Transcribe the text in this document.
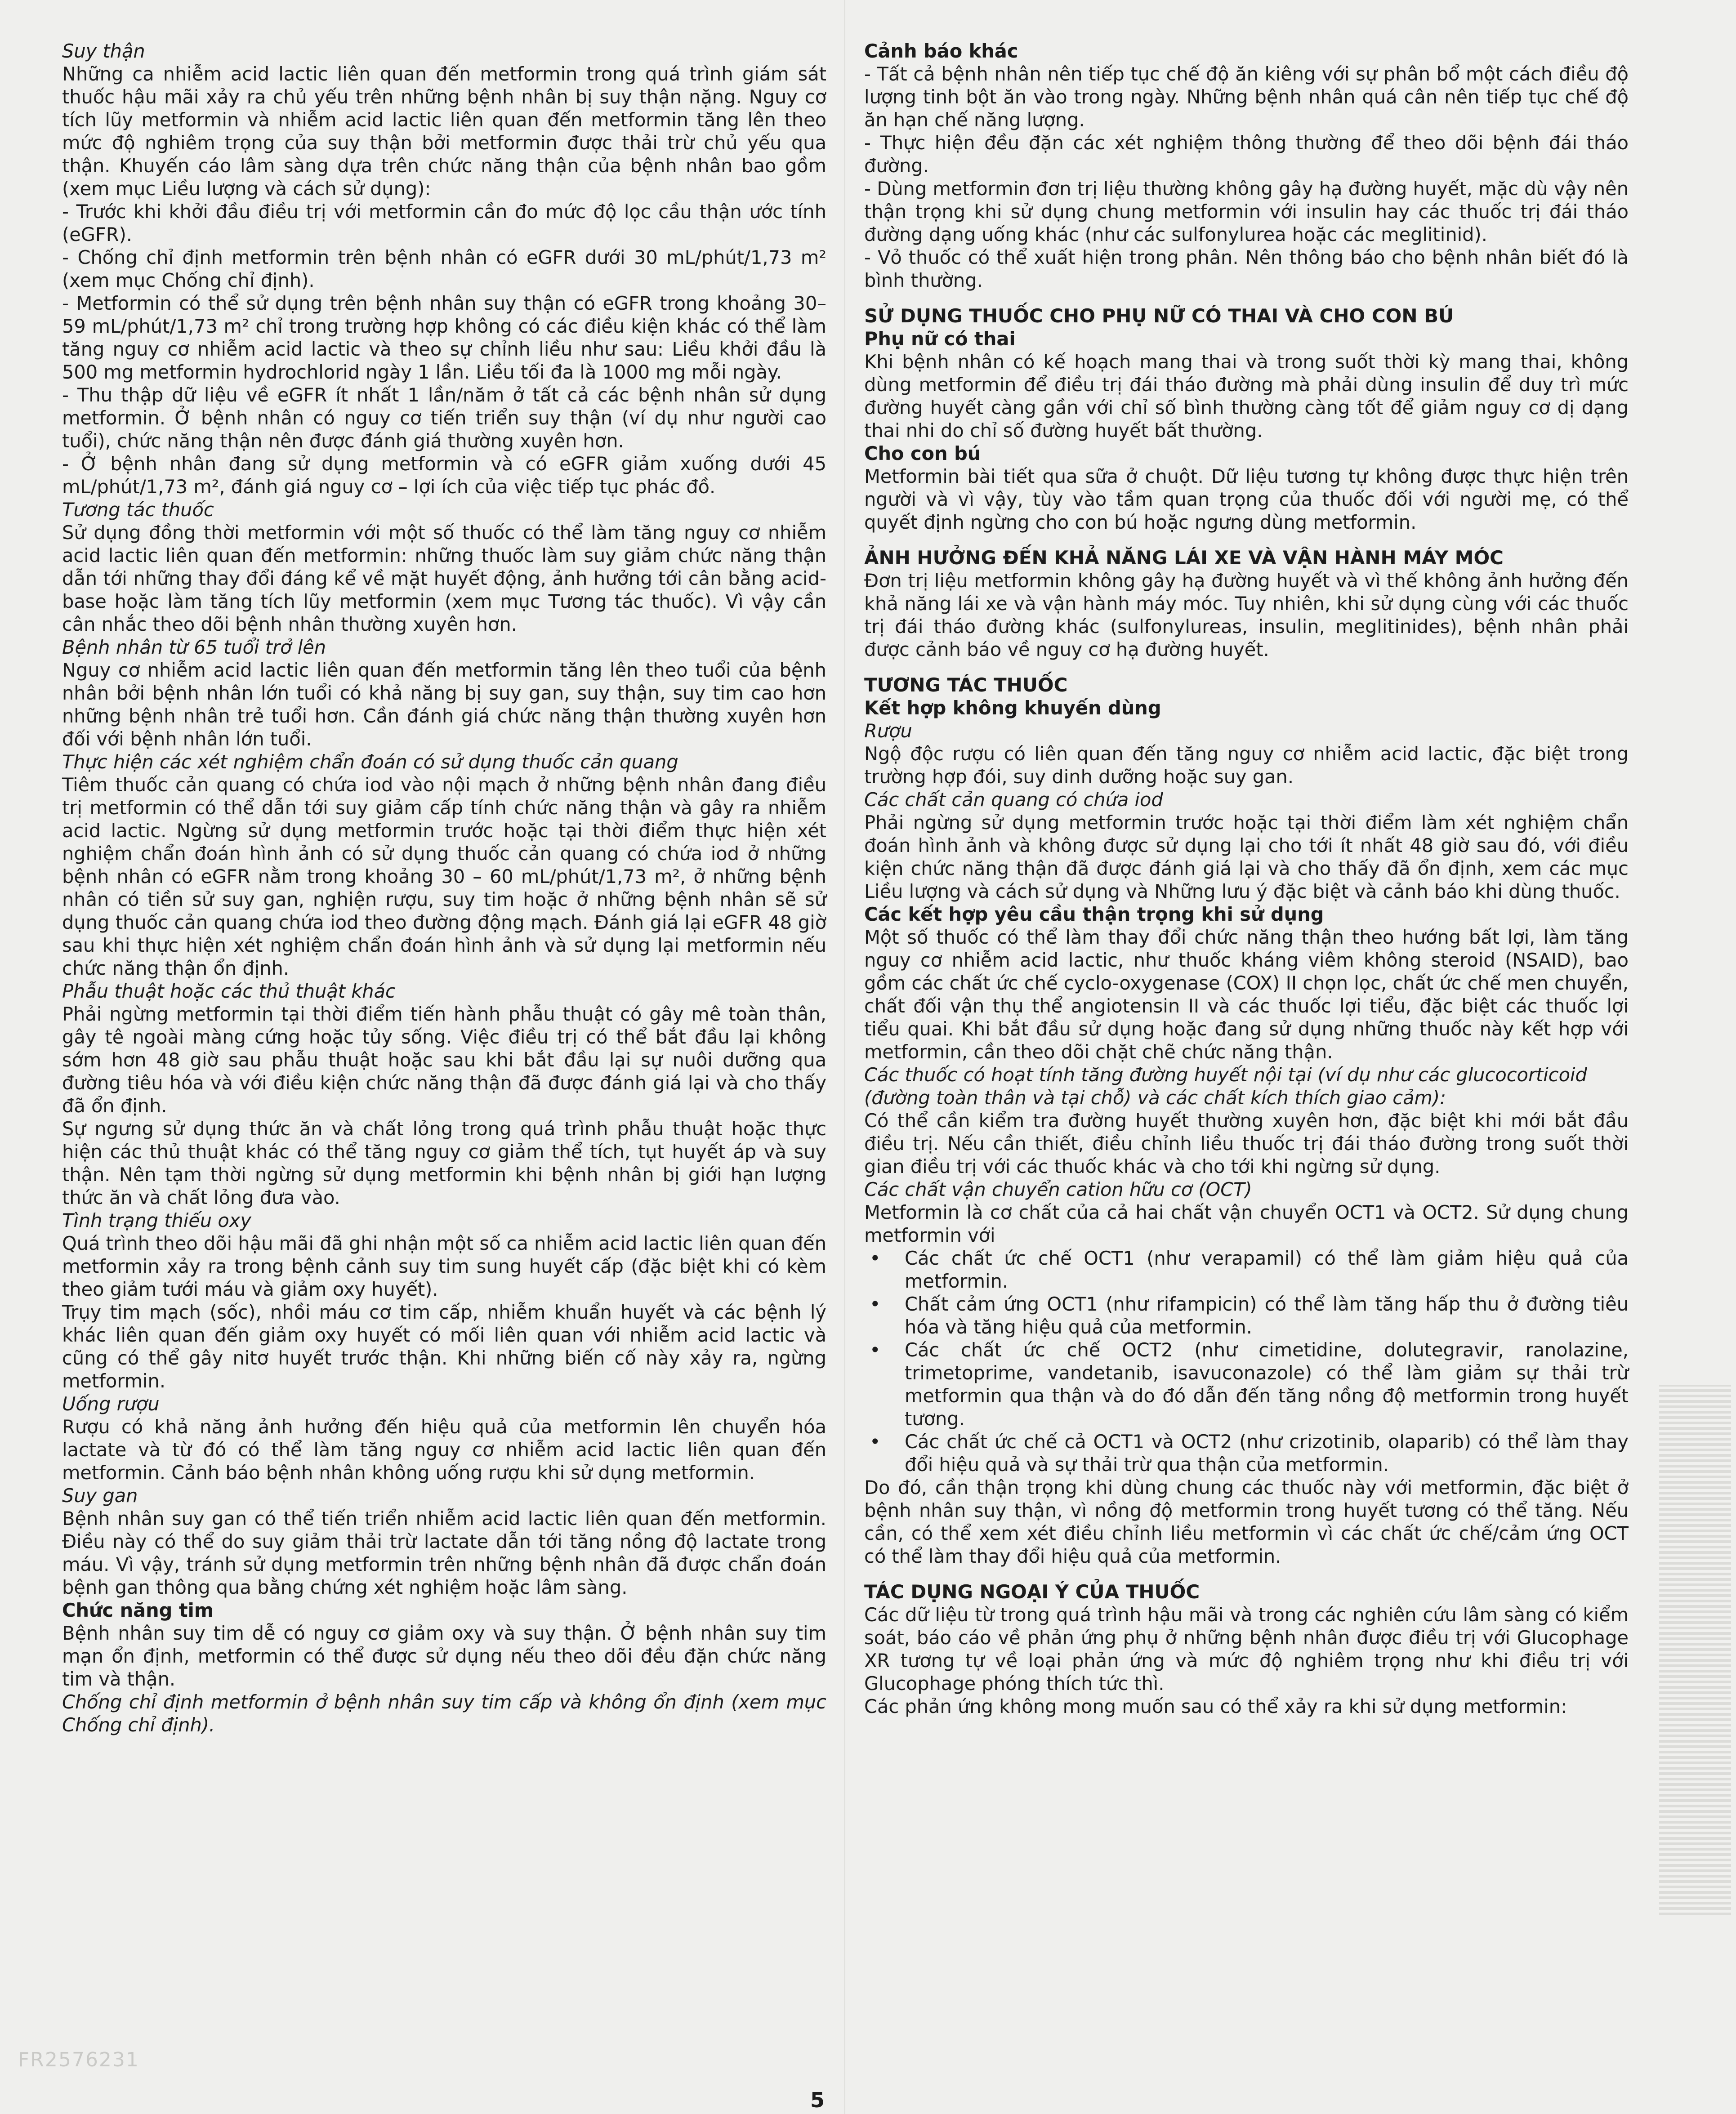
Suy thận
Những ca nhiễm acid lactic liên quan đến metformin trong quá trình giám sát thuốc hậu mãi xảy ra chủ yếu trên những bệnh nhân bị suy thận nặng. Nguy cơ tích lũy metformin và nhiễm acid lactic liên quan đến metformin tăng lên theo mức độ nghiêm trọng của suy thận bởi metformin được thải trừ chủ yếu qua thận. Khuyến cáo lâm sàng dựa trên chức năng thận của bệnh nhân bao gồm (xem mục Liều lượng và cách sử dụng):
- Trước khi khởi đầu điều trị với metformin cần đo mức độ lọc cầu thận ước tính (eGFR).
- Chống chỉ định metformin trên bệnh nhân có eGFR dưới 30 mL/phút/1,73 m² (xem mục Chống chỉ định).
- Metformin có thể sử dụng trên bệnh nhân suy thận có eGFR trong khoảng 30–59 mL/phút/1,73 m² chỉ trong trường hợp không có các điều kiện khác có thể làm tăng nguy cơ nhiễm acid lactic và theo sự chỉnh liều như sau: Liều khởi đầu là 500 mg metformin hydrochlorid ngày 1 lần. Liều tối đa là 1000 mg mỗi ngày.
- Thu thập dữ liệu về eGFR ít nhất 1 lần/năm ở tất cả các bệnh nhân sử dụng metformin. Ở bệnh nhân có nguy cơ tiến triển suy thận (ví dụ như người cao tuổi), chức năng thận nên được đánh giá thường xuyên hơn.
- Ở bệnh nhân đang sử dụng metformin và có eGFR giảm xuống dưới 45 mL/phút/1,73 m², đánh giá nguy cơ – lợi ích của việc tiếp tục phác đồ.
Tương tác thuốc
Sử dụng đồng thời metformin với một số thuốc có thể làm tăng nguy cơ nhiễm acid lactic liên quan đến metformin: những thuốc làm suy giảm chức năng thận dẫn tới những thay đổi đáng kể về mặt huyết động, ảnh hưởng tới cân bằng acid-base hoặc làm tăng tích lũy metformin (xem mục Tương tác thuốc). Vì vậy cần cân nhắc theo dõi bệnh nhân thường xuyên hơn.
Bệnh nhân từ 65 tuổi trở lên
Nguy cơ nhiễm acid lactic liên quan đến metformin tăng lên theo tuổi của bệnh nhân bởi bệnh nhân lớn tuổi có khả năng bị suy gan, suy thận, suy tim cao hơn những bệnh nhân trẻ tuổi hơn. Cần đánh giá chức năng thận thường xuyên hơn đối với bệnh nhân lớn tuổi.
Thực hiện các xét nghiệm chẩn đoán có sử dụng thuốc cản quang
Tiêm thuốc cản quang có chứa iod vào nội mạch ở những bệnh nhân đang điều trị metformin có thể dẫn tới suy giảm cấp tính chức năng thận và gây ra nhiễm acid lactic. Ngừng sử dụng metformin trước hoặc tại thời điểm thực hiện xét nghiệm chẩn đoán hình ảnh có sử dụng thuốc cản quang có chứa iod ở những bệnh nhân có eGFR nằm trong khoảng 30 – 60 mL/phút/1,73 m², ở những bệnh nhân có tiền sử suy gan, nghiện rượu, suy tim hoặc ở những bệnh nhân sẽ sử dụng thuốc cản quang chứa iod theo đường động mạch. Đánh giá lại eGFR 48 giờ sau khi thực hiện xét nghiệm chẩn đoán hình ảnh và sử dụng lại metformin nếu chức năng thận ổn định.
Phẫu thuật hoặc các thủ thuật khác
Phải ngừng metformin tại thời điểm tiến hành phẫu thuật có gây mê toàn thân, gây tê ngoài màng cứng hoặc tủy sống. Việc điều trị có thể bắt đầu lại không sớm hơn 48 giờ sau phẫu thuật hoặc sau khi bắt đầu lại sự nuôi dưỡng qua đường tiêu hóa và với điều kiện chức năng thận đã được đánh giá lại và cho thấy đã ổn định.
Sự ngưng sử dụng thức ăn và chất lỏng trong quá trình phẫu thuật hoặc thực hiện các thủ thuật khác có thể tăng nguy cơ giảm thể tích, tụt huyết áp và suy thận. Nên tạm thời ngừng sử dụng metformin khi bệnh nhân bị giới hạn lượng thức ăn và chất lỏng đưa vào.
Tình trạng thiếu oxy
Quá trình theo dõi hậu mãi đã ghi nhận một số ca nhiễm acid lactic liên quan đến metformin xảy ra trong bệnh cảnh suy tim sung huyết cấp (đặc biệt khi có kèm theo giảm tưới máu và giảm oxy huyết).
Trụy tim mạch (sốc), nhồi máu cơ tim cấp, nhiễm khuẩn huyết và các bệnh lý khác liên quan đến giảm oxy huyết có mối liên quan với nhiễm acid lactic và cũng có thể gây nitơ huyết trước thận. Khi những biến cố này xảy ra, ngừng metformin.
Uống rượu
Rượu có khả năng ảnh hưởng đến hiệu quả của metformin lên chuyển hóa lactate và từ đó có thể làm tăng nguy cơ nhiễm acid lactic liên quan đến metformin. Cảnh báo bệnh nhân không uống rượu khi sử dụng metformin.
Suy gan
Bệnh nhân suy gan có thể tiến triển nhiễm acid lactic liên quan đến metformin. Điều này có thể do suy giảm thải trừ lactate dẫn tới tăng nồng độ lactate trong máu. Vì vậy, tránh sử dụng metformin trên những bệnh nhân đã được chẩn đoán bệnh gan thông qua bằng chứng xét nghiệm hoặc lâm sàng.
Chức năng tim
Bệnh nhân suy tim dễ có nguy cơ giảm oxy và suy thận. Ở bệnh nhân suy tim mạn ổn định, metformin có thể được sử dụng nếu theo dõi đều đặn chức năng tim và thận.
Chống chỉ định metformin ở bệnh nhân suy tim cấp và không ổn định (xem mục Chống chỉ định).
Cảnh báo khác
- Tất cả bệnh nhân nên tiếp tục chế độ ăn kiêng với sự phân bổ một cách điều độ lượng tinh bột ăn vào trong ngày. Những bệnh nhân quá cân nên tiếp tục chế độ ăn hạn chế năng lượng.
- Thực hiện đều đặn các xét nghiệm thông thường để theo dõi bệnh đái tháo đường.
- Dùng metformin đơn trị liệu thường không gây hạ đường huyết, mặc dù vậy nên thận trọng khi sử dụng chung metformin với insulin hay các thuốc trị đái tháo đường dạng uống khác (như các sulfonylurea hoặc các meglitinid).
- Vỏ thuốc có thể xuất hiện trong phân. Nên thông báo cho bệnh nhân biết đó là bình thường.
SỬ DỤNG THUỐC CHO PHỤ NỮ CÓ THAI VÀ CHO CON BÚ
Phụ nữ có thai
Khi bệnh nhân có kế hoạch mang thai và trong suốt thời kỳ mang thai, không dùng metformin để điều trị đái tháo đường mà phải dùng insulin để duy trì mức đường huyết càng gần với chỉ số bình thường càng tốt để giảm nguy cơ dị dạng thai nhi do chỉ số đường huyết bất thường.
Cho con bú
Metformin bài tiết qua sữa ở chuột. Dữ liệu tương tự không được thực hiện trên người và vì vậy, tùy vào tầm quan trọng của thuốc đối với người mẹ, có thể quyết định ngừng cho con bú hoặc ngưng dùng metformin.
ẢNH HƯỞNG ĐẾN KHẢ NĂNG LÁI XE VÀ VẬN HÀNH MÁY MÓC
Đơn trị liệu metformin không gây hạ đường huyết và vì thế không ảnh hưởng đến khả năng lái xe và vận hành máy móc. Tuy nhiên, khi sử dụng cùng với các thuốc trị đái tháo đường khác (sulfonylureas, insulin, meglitinides), bệnh nhân phải được cảnh báo về nguy cơ hạ đường huyết.
TƯƠNG TÁC THUỐC
Kết hợp không khuyến dùng
Rượu
Ngộ độc rượu có liên quan đến tăng nguy cơ nhiễm acid lactic, đặc biệt trong trường hợp đói, suy dinh dưỡng hoặc suy gan.
Các chất cản quang có chứa iod
Phải ngừng sử dụng metformin trước hoặc tại thời điểm làm xét nghiệm chẩn đoán hình ảnh và không được sử dụng lại cho tới ít nhất 48 giờ sau đó, với điều kiện chức năng thận đã được đánh giá lại và cho thấy đã ổn định, xem các mục Liều lượng và cách sử dụng và Những lưu ý đặc biệt và cảnh báo khi dùng thuốc.
Các kết hợp yêu cầu thận trọng khi sử dụng
Một số thuốc có thể làm thay đổi chức năng thận theo hướng bất lợi, làm tăng nguy cơ nhiễm acid lactic, như thuốc kháng viêm không steroid (NSAID), bao gồm các chất ức chế cyclo-oxygenase (COX) II chọn lọc, chất ức chế men chuyển, chất đối vận thụ thể angiotensin II và các thuốc lợi tiểu, đặc biệt các thuốc lợi tiểu quai. Khi bắt đầu sử dụng hoặc đang sử dụng những thuốc này kết hợp với metformin, cần theo dõi chặt chẽ chức năng thận.
Các thuốc có hoạt tính tăng đường huyết nội tại (ví dụ như các glucocorticoid (đường toàn thân và tại chỗ) và các chất kích thích giao cảm):
Có thể cần kiểm tra đường huyết thường xuyên hơn, đặc biệt khi mới bắt đầu điều trị. Nếu cần thiết, điều chỉnh liều thuốc trị đái tháo đường trong suốt thời gian điều trị với các thuốc khác và cho tới khi ngừng sử dụng.
Các chất vận chuyển cation hữu cơ (OCT)
Metformin là cơ chất của cả hai chất vận chuyển OCT1 và OCT2. Sử dụng chung metformin với
• Các chất ức chế OCT1 (như verapamil) có thể làm giảm hiệu quả của metformin.
• Chất cảm ứng OCT1 (như rifampicin) có thể làm tăng hấp thu ở đường tiêu hóa và tăng hiệu quả của metformin.
• Các chất ức chế OCT2 (như cimetidine, dolutegravir, ranolazine, trimetoprime, vandetanib, isavuconazole) có thể làm giảm sự thải trừ metformin qua thận và do đó dẫn đến tăng nồng độ metformin trong huyết tương.
• Các chất ức chế cả OCT1 và OCT2 (như crizotinib, olaparib) có thể làm thay đổi hiệu quả và sự thải trừ qua thận của metformin.
Do đó, cần thận trọng khi dùng chung các thuốc này với metformin, đặc biệt ở bệnh nhân suy thận, vì nồng độ metformin trong huyết tương có thể tăng. Nếu cần, có thể xem xét điều chỉnh liều metformin vì các chất ức chế/cảm ứng OCT có thể làm thay đổi hiệu quả của metformin.
TÁC DỤNG NGOẠI Ý CỦA THUỐC
Các dữ liệu từ trong quá trình hậu mãi và trong các nghiên cứu lâm sàng có kiểm soát, báo cáo về phản ứng phụ ở những bệnh nhân được điều trị với Glucophage XR tương tự về loại phản ứng và mức độ nghiêm trọng như khi điều trị với Glucophage phóng thích tức thì.
Các phản ứng không mong muốn sau có thể xảy ra khi sử dụng metformin:
FR2576231
5
